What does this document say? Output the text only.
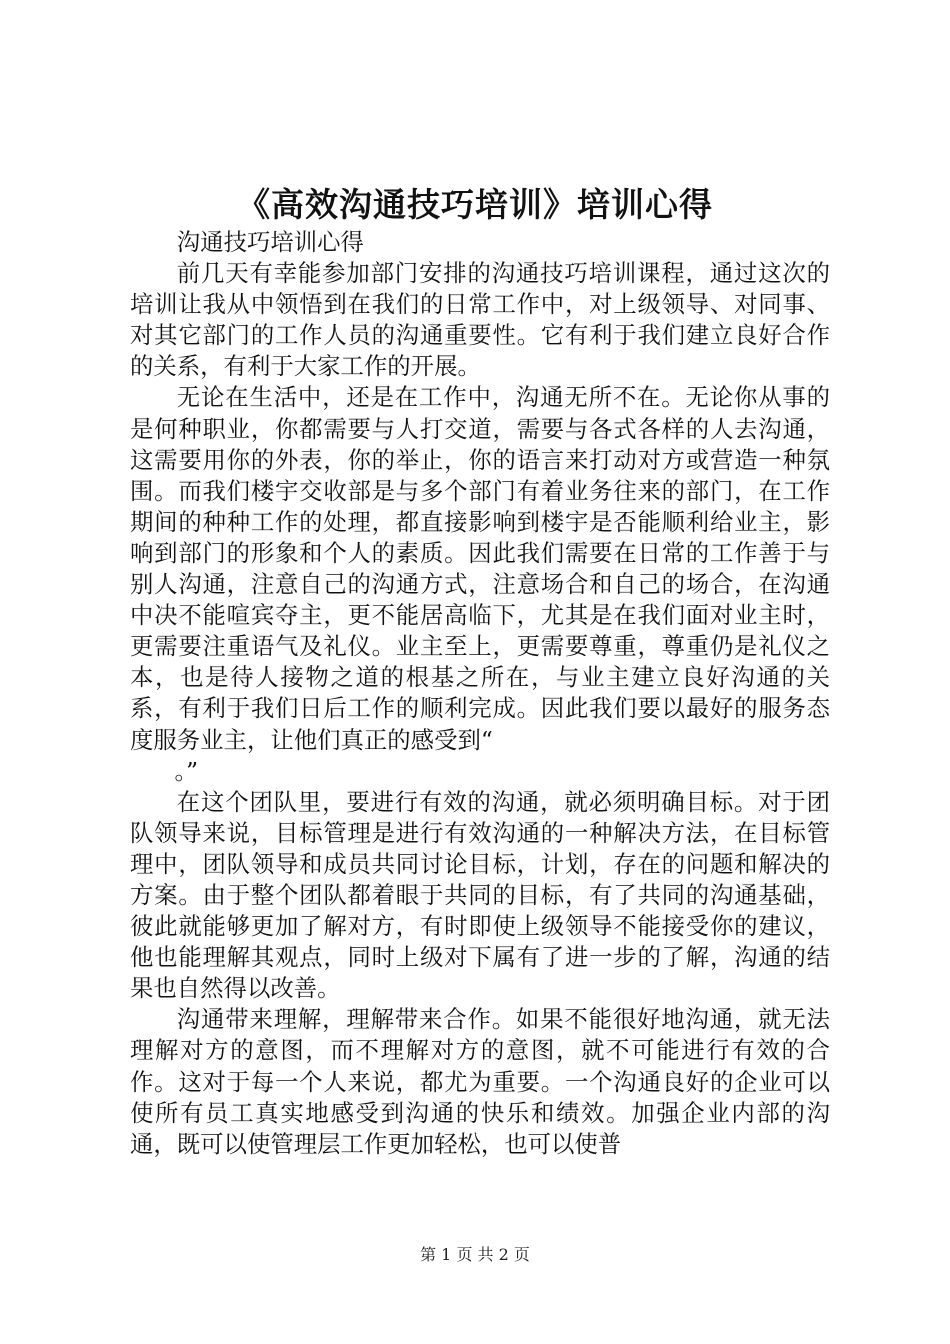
《高效沟通技巧培训》培训心得

沟通技巧培训心得

前几天有幸能参加部门安排的沟通技巧培训课程，通过这次的培训让我从中领悟到在我们的日常工作中，对上级领导、对同事、对其它部门的工作人员的沟通重要性。它有利于我们建立良好合作的关系，有利于大家工作的开展。

无论在生活中，还是在工作中，沟通无所不在。无论你从事的是何种职业，你都需要与人打交道，需要与各式各样的人去沟通，这需要用你的外表，你的举止，你的语言来打动对方或营造一种氛围。而我们楼宇交收部是与多个部门有着业务往来的部门，在工作期间的种种工作的处理，都直接影响到楼宇是否能顺利给业主，影响到部门的形象和个人的素质。因此我们需要在日常的工作善于与别人沟通，注意自己的沟通方式，注意场合和自己的场合，在沟通中决不能喧宾夺主，更不能居高临下，尤其是在我们面对业主时，更需要注重语气及礼仪。业主至上，更需要尊重，尊重仍是礼仪之本，也是待人接物之道的根基之所在，与业主建立良好沟通的关系，有利于我们日后工作的顺利完成。因此我们要以最好的服务态度服务业主，让他们真正的感受到“

。”

在这个团队里，要进行有效的沟通，就必须明确目标。对于团队领导来说，目标管理是进行有效沟通的一种解决方法，在目标管理中，团队领导和成员共同讨论目标，计划，存在的问题和解决的方案。由于整个团队都着眼于共同的目标，有了共同的沟通基础，彼此就能够更加了解对方，有时即使上级领导不能接受你的建议，他也能理解其观点，同时上级对下属有了进一步的了解，沟通的结果也自然得以改善。

沟通带来理解，理解带来合作。如果不能很好地沟通，就无法理解对方的意图，而不理解对方的意图，就不可能进行有效的合作。这对于每一个人来说，都尤为重要。一个沟通良好的企业可以使所有员工真实地感受到沟通的快乐和绩效。加强企业内部的沟通，既可以使管理层工作更加轻松，也可以使普

第 1 页 共 2 页
